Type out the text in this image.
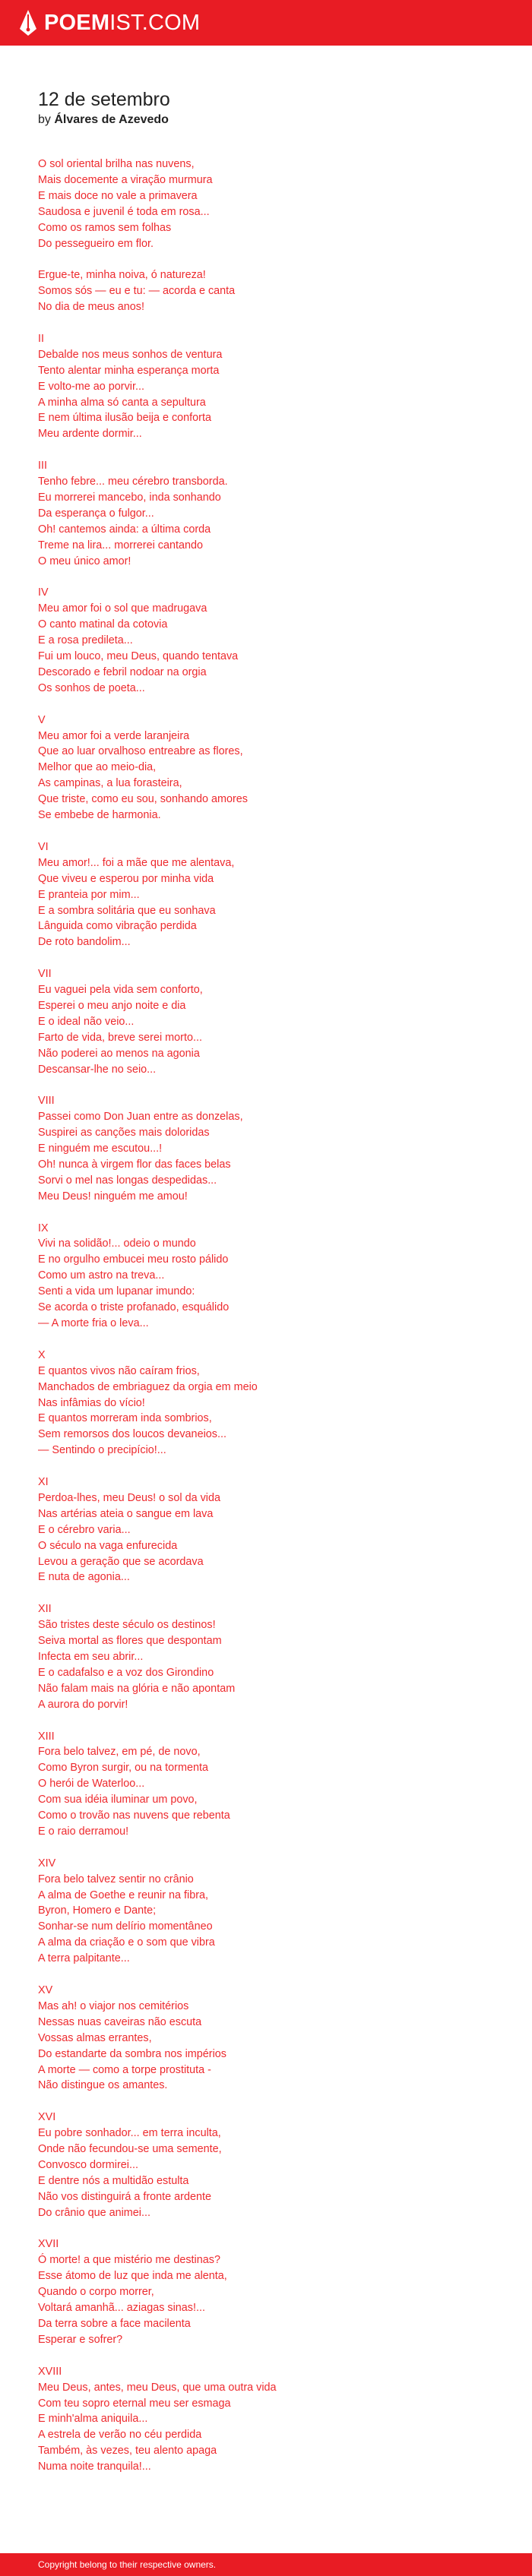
POEMIST.COM
12 de setembro
by Álvares de Azevedo
O sol oriental brilha nas nuvens,
Mais docemente a viração murmura
E mais doce no vale a primavera
Saudosa e juvenil é toda em rosa...
Como os ramos sem folhas
Do pessegueiro em flor.
Ergue-te, minha noiva, ó natureza!
Somos sós — eu e tu: — acorda e canta
No dia de meus anos!
II
Debalde nos meus sonhos de ventura
Tento alentar minha esperança morta
E volto-me ao porvir...
A minha alma só canta a sepultura
E nem última ilusão beija e conforta
Meu ardente dormir...
III
Tenho febre... meu cérebro transborda.
Eu morrerei mancebo, inda sonhando
Da esperança o fulgor...
Oh! cantemos ainda: a última corda
Treme na lira... morrerei cantando
O meu único amor!
IV
Meu amor foi o sol que madrugava
O canto matinal da cotovia
E a rosa predileta...
Fui um louco, meu Deus, quando tentava
Descorado e febril nodoar na orgia
Os sonhos de poeta...
V
Meu amor foi a verde laranjeira
Que ao luar orvalhoso entreabre as flores,
Melhor que ao meio-dia,
As campinas, a lua forasteira,
Que triste, como eu sou, sonhando amores
Se embebe de harmonia.
VI
Meu amor!... foi a mãe que me alentava,
Que viveu e esperou por minha vida
E pranteia por mim...
E a sombra solitária que eu sonhava
Lânguida como vibração perdida
De roto bandolim...
VII
Eu vaguei pela vida sem conforto,
Esperei o meu anjo noite e dia
E o ideal não veio...
Farto de vida, breve serei morto...
Não poderei ao menos na agonia
Descansar-lhe no seio...
VIII
Passei como Don Juan entre as donzelas,
Suspirei as canções mais doloridas
E ninguém me escutou...!
Oh! nunca à virgem flor das faces belas
Sorvi o mel nas longas despedidas...
Meu Deus! ninguém me amou!
IX
Vivi na solidão!... odeio o mundo
E no orgulho embucei meu rosto pálido
Como um astro na treva...
Senti a vida um lupanar imundo:
Se acorda o triste profanado, esquálido
— A morte fria o leva...
X
E quantos vivos não caíram frios,
Manchados de embriaguez da orgia em meio
Nas infâmias do vício!
E quantos morreram inda sombrios,
Sem remorsos dos loucos devaneios...
— Sentindo o precipício!...
XI
Perdoa-lhes, meu Deus! o sol da vida
Nas artérias ateia o sangue em lava
E o cérebro varia...
O século na vaga enfurecida
Levou a geração que se acordava
E nuta de agonia...
XII
São tristes deste século os destinos!
Seiva mortal as flores que despontam
Infecta em seu abrir...
E o cadafalso e a voz dos Girondino
Não falam mais na glória e não apontam
A aurora do porvir!
XIII
Fora belo talvez, em pé, de novo,
Como Byron surgir, ou na tormenta
O herói de Waterloo...
Com sua idéia iluminar um povo,
Como o trovão nas nuvens que rebenta
E o raio derramou!
XIV
Fora belo talvez sentir no crânio
A alma de Goethe e reunir na fibra,
Byron, Homero e Dante;
Sonhar-se num delírio momentâneo
A alma da criação e o som que vibra
A terra palpitante...
XV
Mas ah! o viajor nos cemitérios
Nessas nuas caveiras não escuta
Vossas almas errantes,
Do estandarte da sombra nos impérios
A morte — como a torpe prostituta -
Não distingue os amantes.
XVI
Eu pobre sonhador... em terra inculta,
Onde não fecundou-se uma semente,
Convosco dormirei...
E dentre nós a multidão estulta
Não vos distinguirá a fronte ardente
Do crânio que animei...
XVII
Ó morte! a que mistério me destinas?
Esse átomo de luz que inda me alenta,
Quando o corpo morrer,
Voltará amanhã... aziagas sinas!...
Da terra sobre a face macilenta
Esperar e sofrer?
XVIII
Meu Deus, antes, meu Deus, que uma outra vida
Com teu sopro eternal meu ser esmaga
E minh'alma aniquila...
A estrela de verão no céu perdida
Também, às vezes, teu alento apaga
Numa noite tranquila!...
Copyright belong to their respective owners.
